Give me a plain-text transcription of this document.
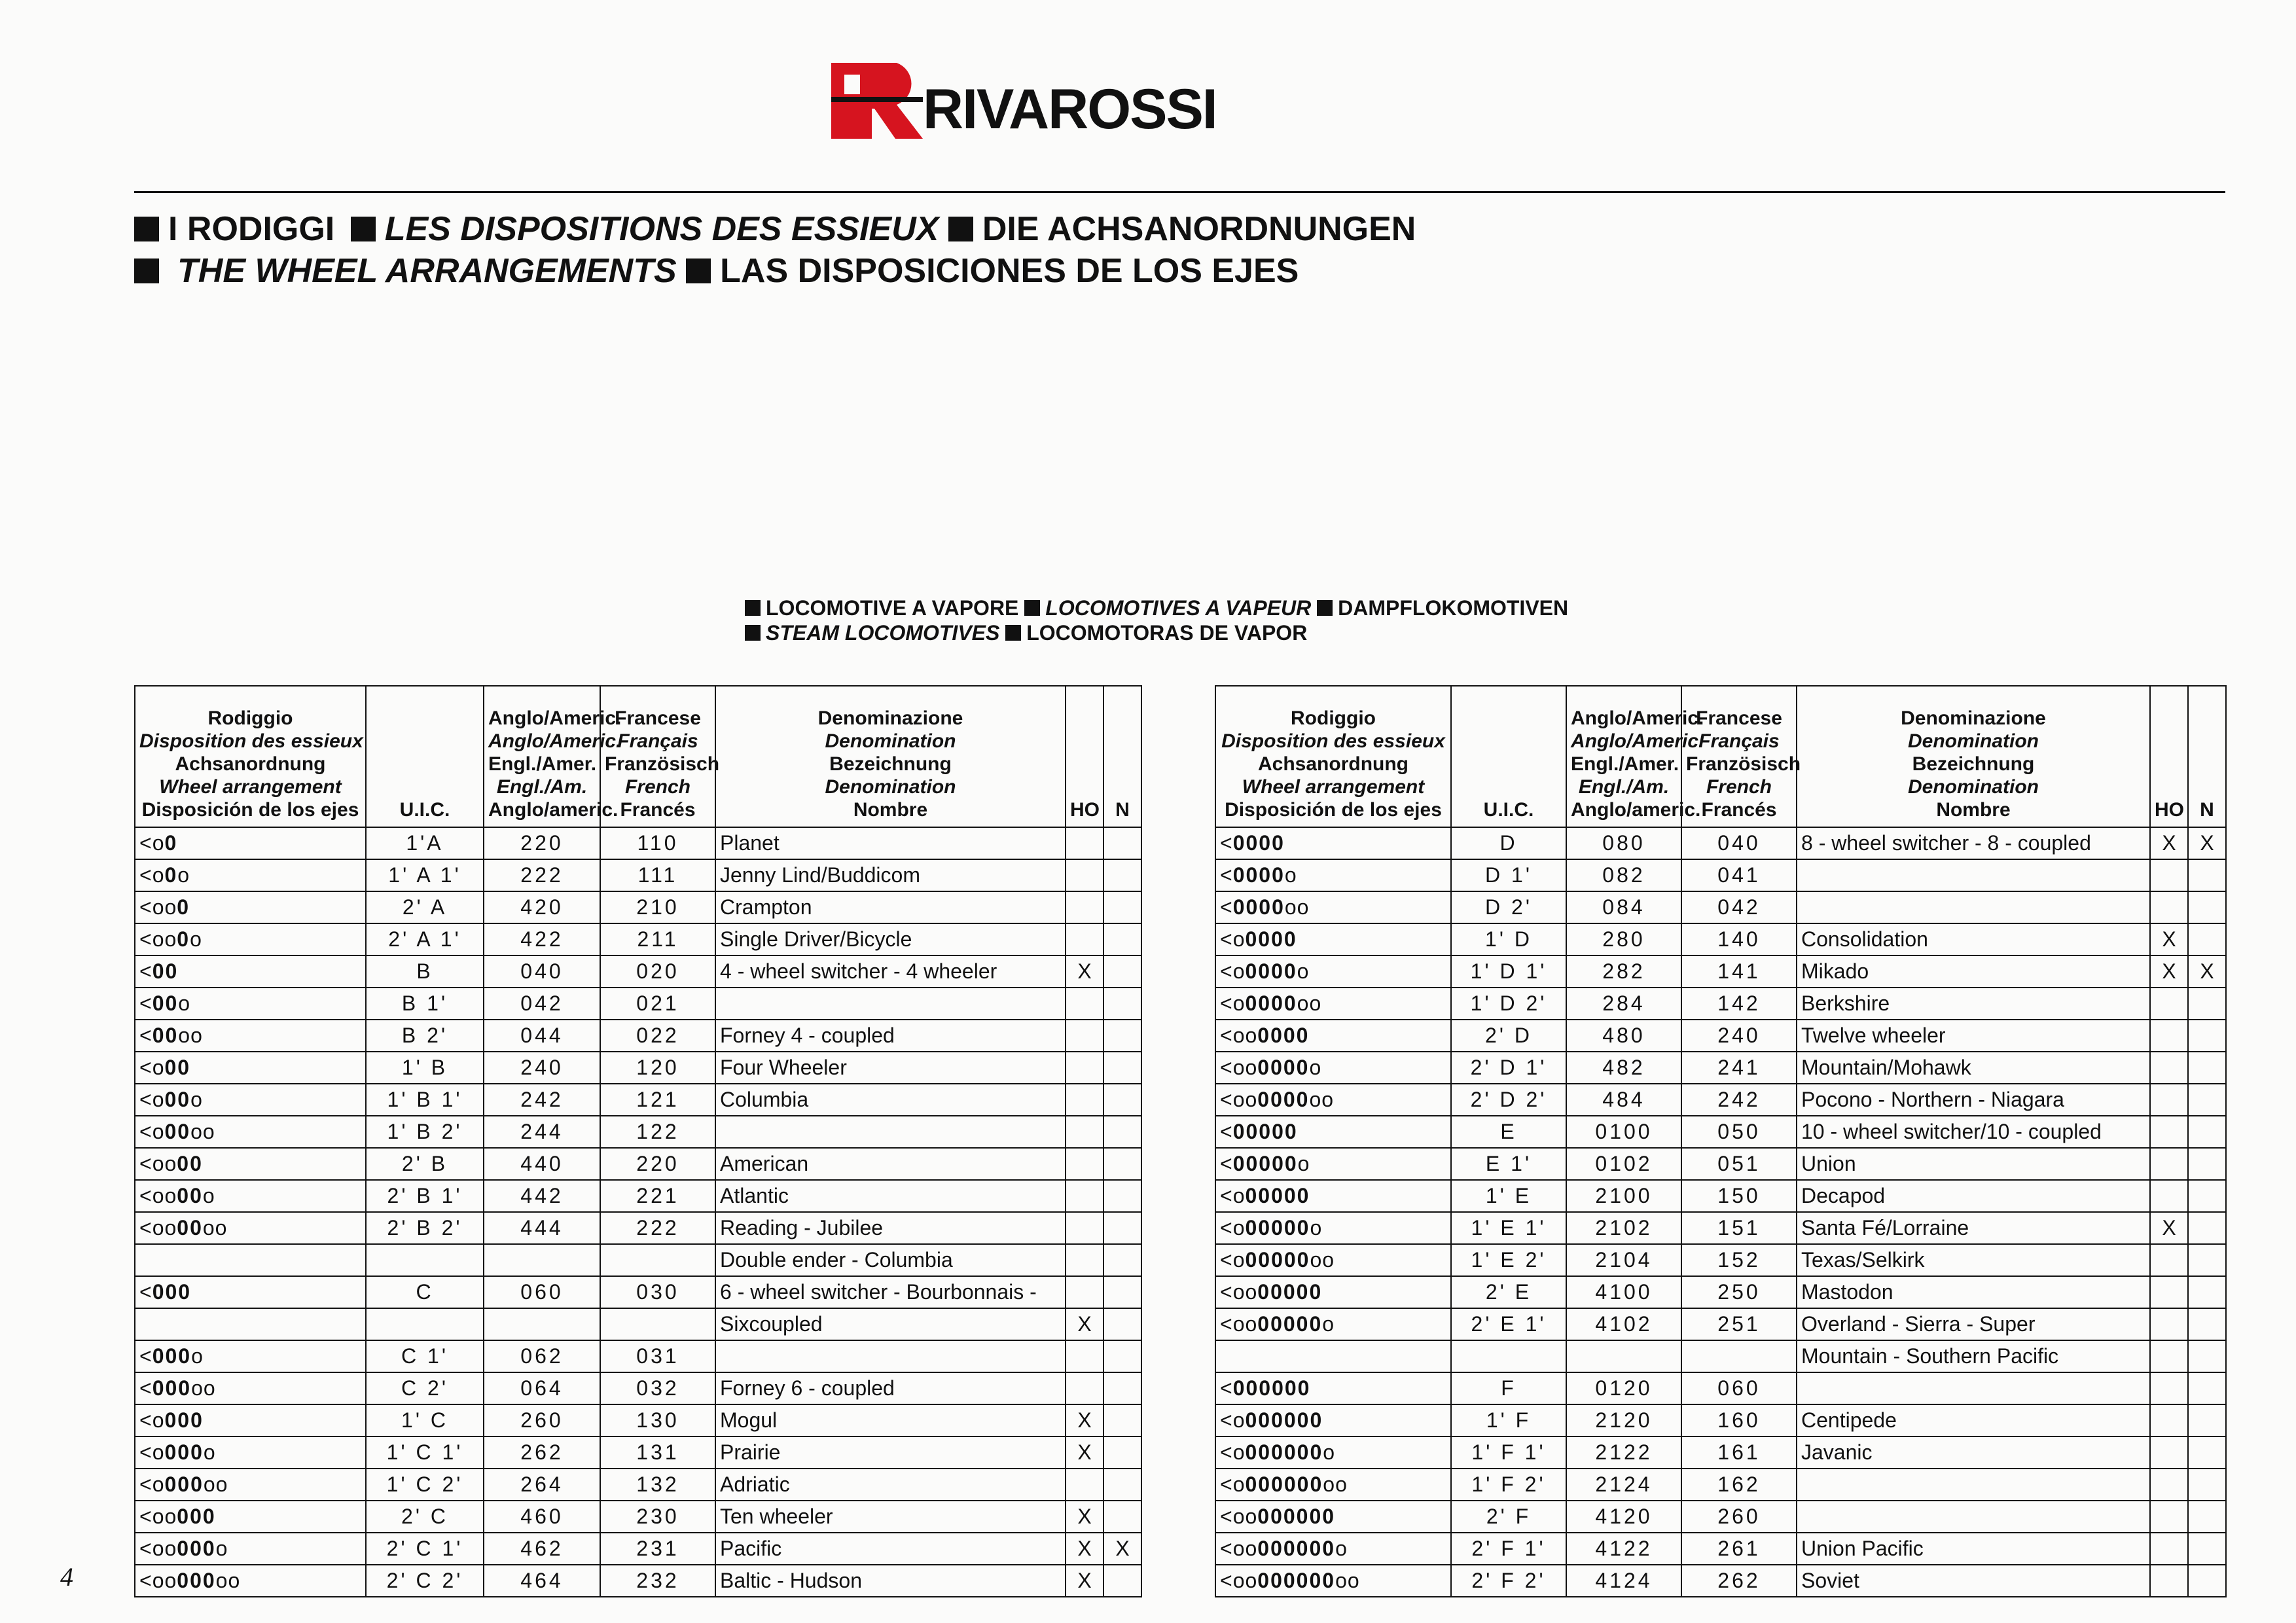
RIVAROSSI
I RODIGGI LES DISPOSITIONS DES ESSIEUX DIE ACHSANORDNUNGEN
THE WHEEL ARRANGEMENTS LAS DISPOSICIONES DE LOS EJES
LOCOMOTIVE A VAPORE LOCOMOTIVES A VAPEUR DAMPFLOKOMOTIVEN
STEAM LOCOMOTIVES LOCOMOTORAS DE VAPOR
Rodiggio
Disposition des essieux
Achsanordnung
Wheel arrangement
Disposición de los ejes	U.I.C.	Anglo/Americ.
Anglo/Americ.
Engl./Amer.
Engl./Am.
Anglo/americ.	Francese
Français
Französisch
French
Francés	Denominazione
Denomination
Bezeichnung
Denomination
Nombre	HO	N

<o0	1'A	220	110	Planet		
<o0o	1' A 1'	222	111	Jenny Lind/Buddicom		
<oo0	2' A	420	210	Crampton		
<oo0o	2' A 1'	422	211	Single Driver/Bicycle		
<00	B	040	020	4 - wheel switcher - 4 wheeler	X	
<00o	B 1'	042	021			
<00oo	B 2'	044	022	Forney 4 - coupled		
<o00	1' B	240	120	Four Wheeler		
<o00o	1' B 1'	242	121	Columbia		
<o00oo	1' B 2'	244	122			
<oo00	2' B	440	220	American		
<oo00o	2' B 1'	442	221	Atlantic		
<oo00oo	2' B 2'	444	222	Reading - Jubilee		
				Double ender - Columbia		
<000	C	060	030	6 - wheel switcher - Bourbonnais -		
				Sixcoupled	X	
<000o	C 1'	062	031			
<000oo	C 2'	064	032	Forney 6 - coupled		
<o000	1' C	260	130	Mogul	X	
<o000o	1' C 1'	262	131	Prairie	X	
<o000oo	1' C 2'	264	132	Adriatic		
<oo000	2' C	460	230	Ten wheeler	X	
<oo000o	2' C 1'	462	231	Pacific	X	X
<oo000oo	2' C 2'	464	232	Baltic - Hudson	X	
Rodiggio
Disposition des essieux
Achsanordnung
Wheel arrangement
Disposición de los ejes	U.I.C.	Anglo/Americ.
Anglo/Americ.
Engl./Amer.
Engl./Am.
Anglo/americ.	Francese
Français
Französisch
French
Francés	Denominazione
Denomination
Bezeichnung
Denomination
Nombre	HO	N

<0000	D	080	040	8 - wheel switcher - 8 - coupled	X	X
<0000o	D 1'	082	041			
<0000oo	D 2'	084	042			
<o0000	1' D	280	140	Consolidation	X	
<o0000o	1' D 1'	282	141	Mikado	X	X
<o0000oo	1' D 2'	284	142	Berkshire		
<oo0000	2' D	480	240	Twelve wheeler		
<oo0000o	2' D 1'	482	241	Mountain/Mohawk		
<oo0000oo	2' D 2'	484	242	Pocono - Northern - Niagara		
<00000	E	0100	050	10 - wheel switcher/10 - coupled		
<00000o	E 1'	0102	051	Union		
<o00000	1' E	2100	150	Decapod		
<o00000o	1' E 1'	2102	151	Santa Fé/Lorraine	X	
<o00000oo	1' E 2'	2104	152	Texas/Selkirk		
<oo00000	2' E	4100	250	Mastodon		
<oo00000o	2' E 1'	4102	251	Overland - Sierra - Super		
				Mountain - Southern Pacific		
<000000	F	0120	060			
<o000000	1' F	2120	160	Centipede		
<o000000o	1' F 1'	2122	161	Javanic		
<o000000oo	1' F 2'	2124	162			
<oo000000	2' F	4120	260			
<oo000000o	2' F 1'	4122	261	Union Pacific		
<oo000000oo	2' F 2'	4124	262	Soviet		
4
